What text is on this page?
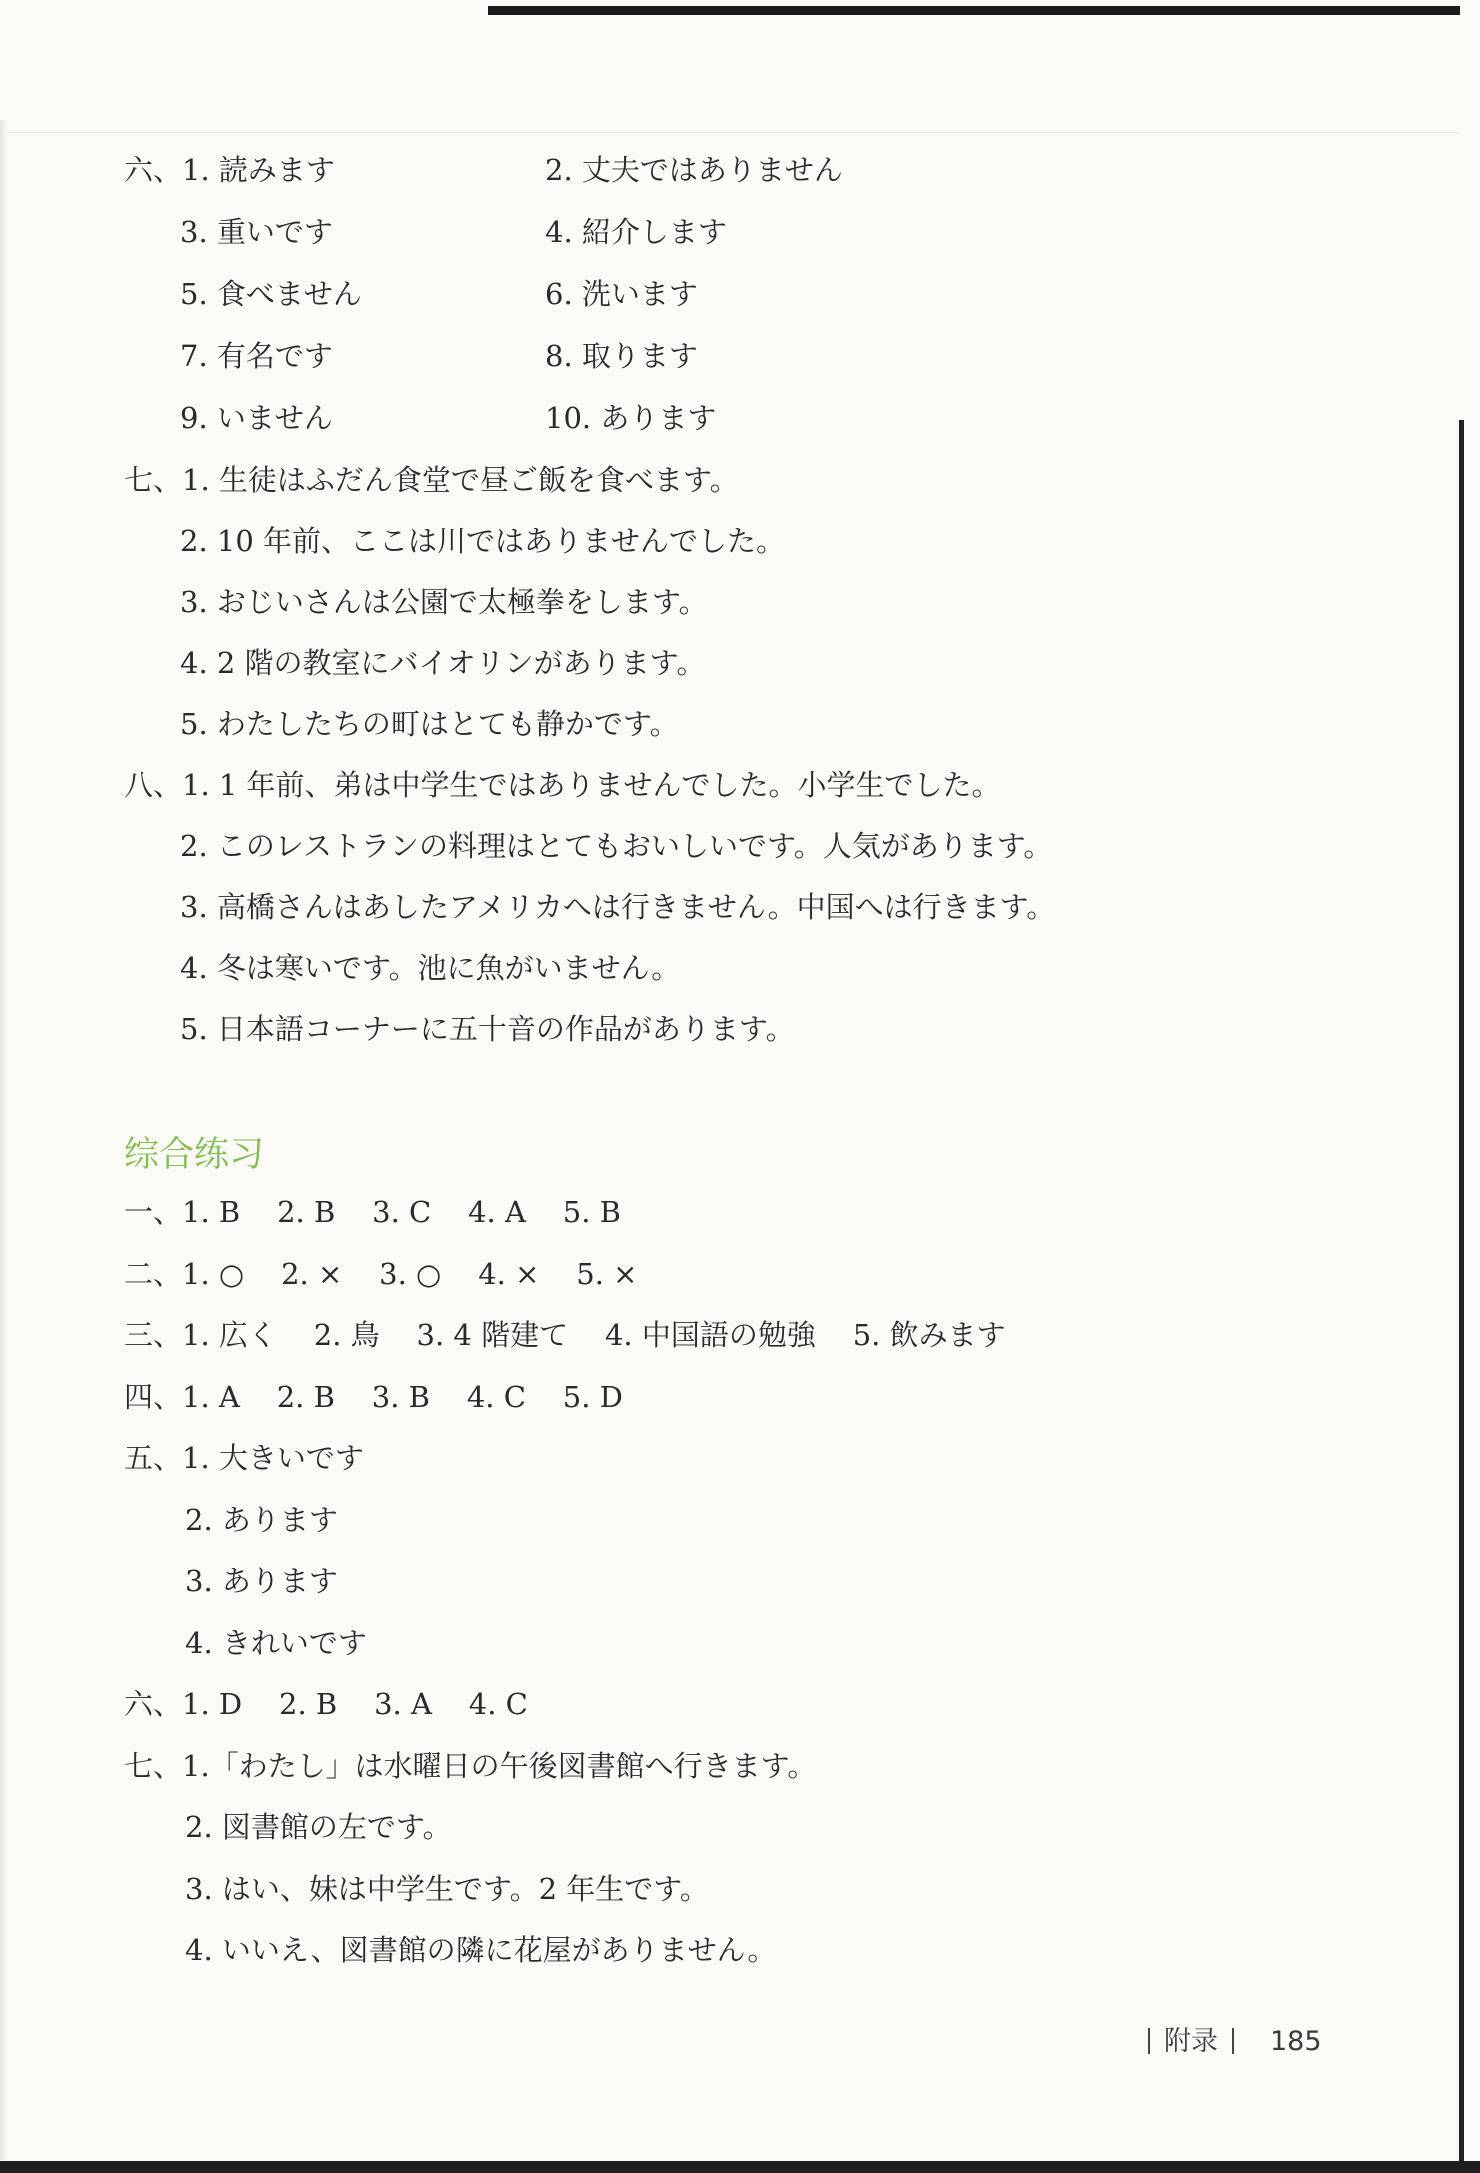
六、1. 読みます	2. 丈夫ではありません
3. 重いです	4. 紹介します
5. 食べません	6. 洗います
7. 有名です	8. 取ります
9. いません	10. あります
七、1. 生徒はふだん食堂で昼ご飯を食べます。
2. 10 年前、ここは川ではありませんでした。
3. おじいさんは公園で太極拳をします。
4. 2 階の教室にバイオリンがあります。
5. わたしたちの町はとても静かです。
八、1. 1 年前、弟は中学生ではありませんでした。小学生でした。
2. このレストランの料理はとてもおいしいです。人気があります。
3. 高橋さんはあしたアメリカへは行きません。中国へは行きます。
4. 冬は寒いです。池に魚がいません。
5. 日本語コーナーに五十音の作品があります。
综合练习
一、1. B    2. B    3. C    4. A    5. B
二、1. ○    2. ×    3. ○    4. ×    5. ×
三、1. 広く    2. 鳥    3. 4 階建て    4. 中国語の勉強    5. 飲みます
四、1. A    2. B    3. B    4. C    5. D
五、1. 大きいです
2. あります
3. あります
4. きれいです
六、1. D    2. B    3. A    4. C
七、1.「わたし」は水曜日の午後図書館へ行きます。
2. 図書館の左です。
3. はい、妹は中学生です。2 年生です。
4. いいえ、図書館の隣に花屋がありません。
附录 185
